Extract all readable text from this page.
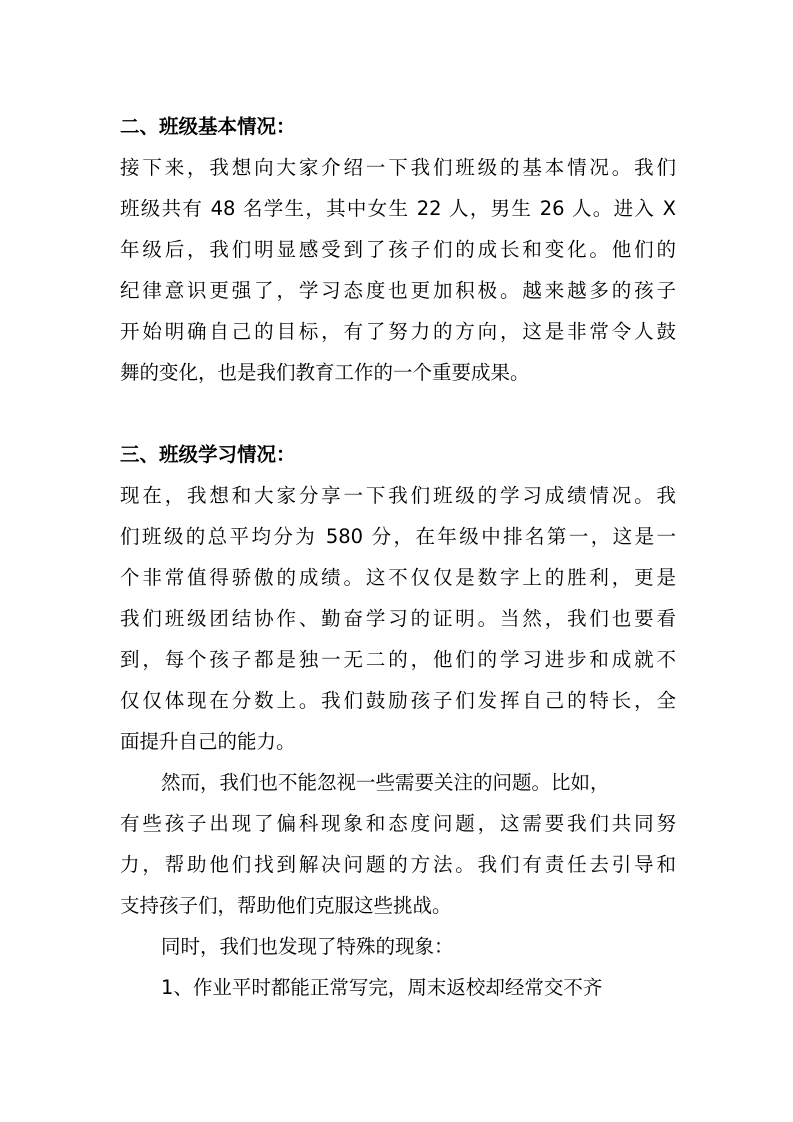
二、班级基本情况：
接下来，我想向大家介绍一下我们班级的基本情况。我们
班级共有 48 名学生，其中女生 22 人，男生 26 人。进入 X
年级后，我们明显感受到了孩子们的成长和变化。他们的
纪律意识更强了，学习态度也更加积极。越来越多的孩子
开始明确自己的目标，有了努力的方向，这是非常令人鼓
舞的变化，也是我们教育工作的一个重要成果。
三、班级学习情况：
现在，我想和大家分享一下我们班级的学习成绩情况。我
们班级的总平均分为 580 分，在年级中排名第一，这是一
个非常值得骄傲的成绩。这不仅仅是数字上的胜利，更是
我们班级团结协作、勤奋学习的证明。当然，我们也要看
到，每个孩子都是独一无二的，他们的学习进步和成就不
仅仅体现在分数上。我们鼓励孩子们发挥自己的特长，全
面提升自己的能力。
然而，我们也不能忽视一些需要关注的问题。比如，
有些孩子出现了偏科现象和态度问题，这需要我们共同努
力，帮助他们找到解决问题的方法。我们有责任去引导和
支持孩子们，帮助他们克服这些挑战。
同时，我们也发现了特殊的现象：
1、作业平时都能正常写完，周末返校却经常交不齐
